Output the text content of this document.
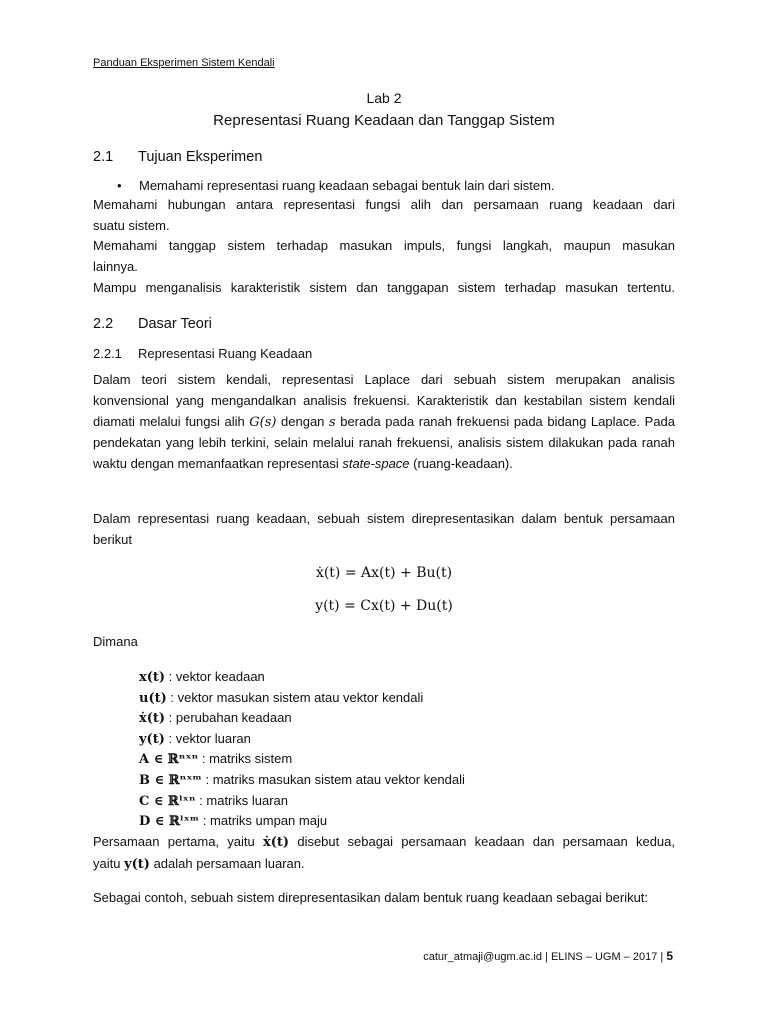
Panduan Eksperimen Sistem Kendali
Lab 2
Representasi Ruang Keadaan dan Tanggap Sistem
2.1 Tujuan Eksperimen
• Memahami representasi ruang keadaan sebagai bentuk lain dari sistem.
Memahami hubungan antara representasi fungsi alih dan persamaan ruang keadaan dari
suatu sistem.
Memahami tanggap sistem terhadap masukan impuls, fungsi langkah, maupun masukan
lainnya.
Mampu menganalisis karakteristik sistem dan tanggapan sistem terhadap masukan tertentu.
2.2 Dasar Teori
2.2.1 Representasi Ruang Keadaan
Dalam teori sistem kendali, representasi Laplace dari sebuah sistem merupakan analisis konvensional yang mengandalkan analisis frekuensi. Karakteristik dan kestabilan sistem kendali diamati melalui fungsi alih G(s) dengan s berada pada ranah frekuensi pada bidang Laplace. Pada pendekatan yang lebih terkini, selain melalui ranah frekuensi, analisis sistem dilakukan pada ranah waktu dengan memanfaatkan representasi state-space (ruang-keadaan).
Dalam representasi ruang keadaan, sebuah sistem direpresentasikan dalam bentuk persamaan berikut
ẋ(t) = Ax(t) + Bu(t)
y(t) = Cx(t) + Du(t)
Dimana
x(t) : vektor keadaan
u(t) : vektor masukan sistem atau vektor kendali
ẋ(t) : perubahan keadaan
y(t) : vektor luaran
A ∈ ℝⁿˣⁿ : matriks sistem
B ∈ ℝⁿˣᵐ : matriks masukan sistem atau vektor kendali
C ∈ ℝˡˣⁿ : matriks luaran
D ∈ ℝˡˣᵐ : matriks umpan maju
Persamaan pertama, yaitu ẋ(t) disebut sebagai persamaan keadaan dan persamaan kedua,
yaitu y(t) adalah persamaan luaran.
Sebagai contoh, sebuah sistem direpresentasikan dalam bentuk ruang keadaan sebagai berikut:
catur_atmaji@ugm.ac.id | ELINS – UGM – 2017 | 5
